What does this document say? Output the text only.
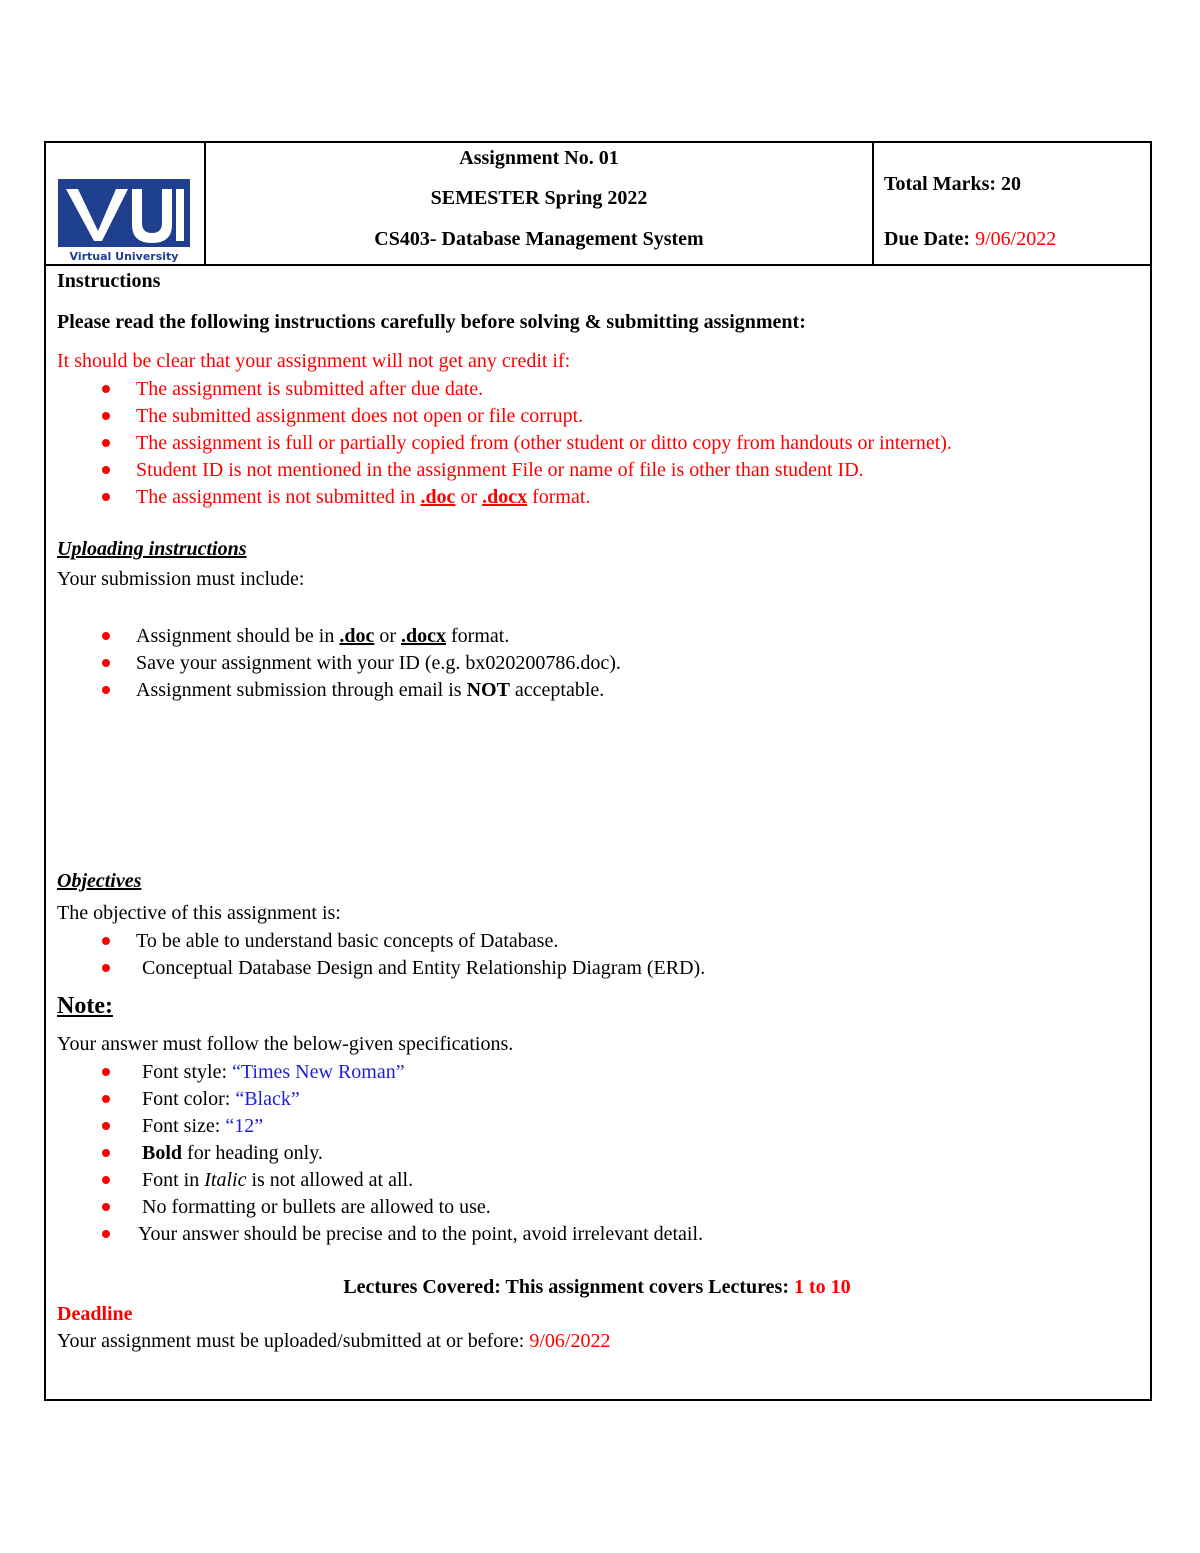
Virtual University
Assignment No. 01
SEMESTER Spring 2022
CS403- Database Management System
Total Marks: 20
Due Date: 9/06/2022
Instructions
Please read the following instructions carefully before solving & submitting assignment:
It should be clear that your assignment will not get any credit if:
The assignment is submitted after due date.
The submitted assignment does not open or file corrupt.
The assignment is full or partially copied from (other student or ditto copy from handouts or internet).
Student ID is not mentioned in the assignment File or name of file is other than student ID.
The assignment is not submitted in .doc or .docx format.
Uploading instructions
Your submission must include:
Assignment should be in .doc or .docx format.
Save your assignment with your ID (e.g. bx020200786.doc).
Assignment submission through email is NOT acceptable.
Objectives
The objective of this assignment is:
To be able to understand basic concepts of Database.
Conceptual Database Design and Entity Relationship Diagram (ERD).
Note:
Your answer must follow the below-given specifications.
Font style: “Times New Roman”
Font color: “Black”
Font size: “12”
Bold for heading only.
Font in Italic is not allowed at all.
No formatting or bullets are allowed to use.
Your answer should be precise and to the point, avoid irrelevant detail.
Lectures Covered: This assignment covers Lectures: 1 to 10
Deadline
Your assignment must be uploaded/submitted at or before: 9/06/2022
